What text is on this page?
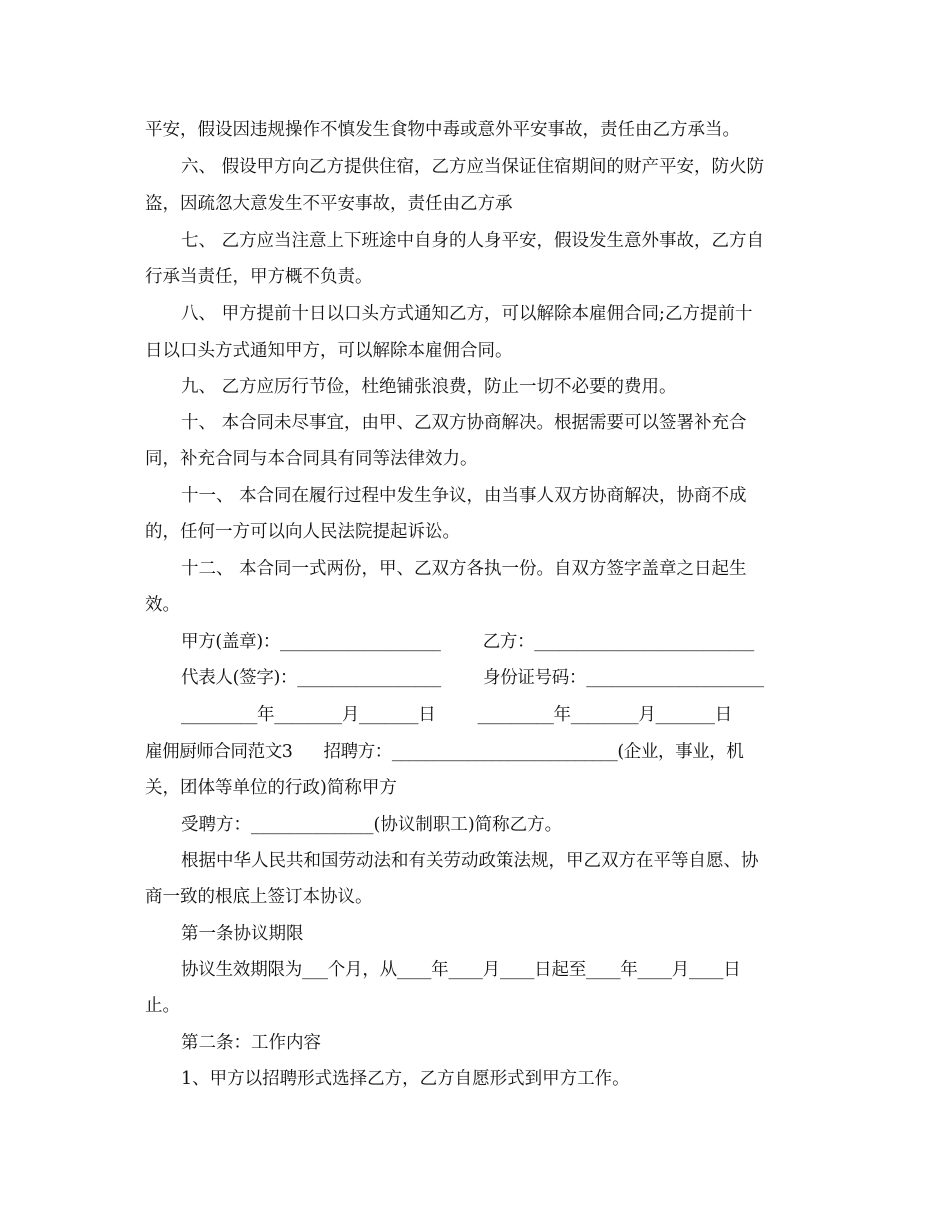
平安，假设因违规操作不慎发生食物中毒或意外平安事故，责任由乙方承当。

六、 假设甲方向乙方提供住宿，乙方应当保证住宿期间的财产平安，防火防

盗，因疏忽大意发生不平安事故，责任由乙方承

七、 乙方应当注意上下班途中自身的人身平安，假设发生意外事故，乙方自

行承当责任，甲方概不负责。

八、 甲方提前十日以口头方式通知乙方，可以解除本雇佣合同;乙方提前十

日以口头方式通知甲方，可以解除本雇佣合同。

九、 乙方应厉行节俭，杜绝铺张浪费，防止一切不必要的费用。

十、 本合同未尽事宜，由甲、乙双方协商解决。根据需要可以签署补充合

同，补充合同与本合同具有同等法律效力。

十一、 本合同在履行过程中发生争议，由当事人双方协商解决，协商不成

的，任何一方可以向人民法院提起诉讼。

十二、 本合同一式两份，甲、乙双方各执一份。自双方签字盖章之日起生

效。

甲方(盖章)：___________________        乙方：__________________________

代表人(签字)：_________________        身份证号码：_____________________

_________年________月_______日        _________年________月_______日

雇佣厨师合同范文3      招聘方：___________________________(企业，事业，机

关，团体等单位的行政)简称甲方

受聘方：______________(协议制职工)简称乙方。

根据中华人民共和国劳动法和有关劳动政策法规，甲乙双方在平等自愿、协

商一致的根底上签订本协议。

第一条协议期限

协议生效期限为___个月，从____年____月____日起至____年____月____日

止。

第二条：工作内容

1、甲方以招聘形式选择乙方，乙方自愿形式到甲方工作。
